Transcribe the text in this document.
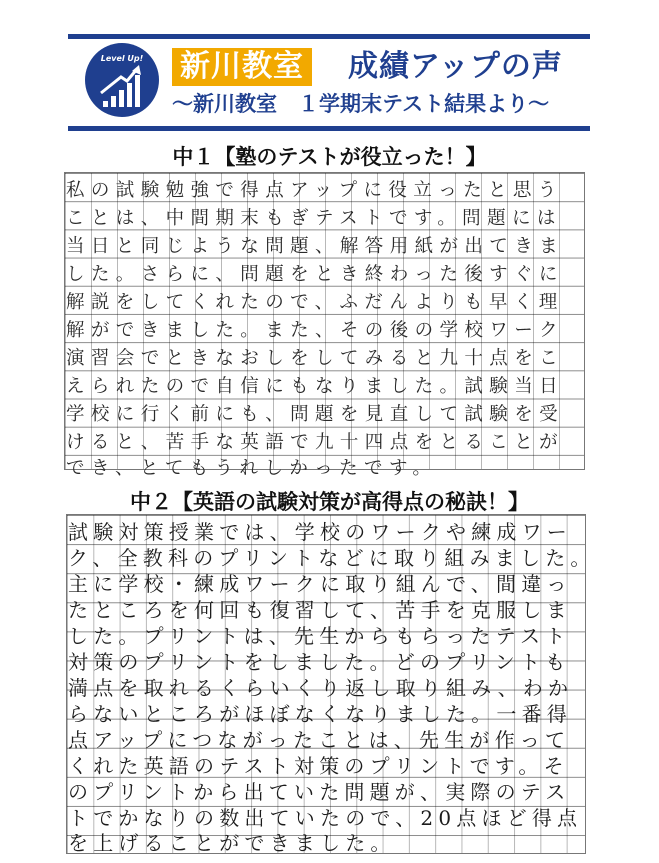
Level Up!	新川教室 成績アップの声
〜新川教室　１学期末テスト結果より〜
中１【塾のテストが役立った！】
私の試験勉強で得点アップに役立ったと思う
ことは、中間期末もぎテストです。問題には
当日と同じような問題、解答用紙が出てきま
した。さらに、問題をとき終わった後すぐに
解説をしてくれたので、ふだんよりも早く理
解ができました。また、その後の学校ワーク
演習会でときなおしをしてみると九十点をこ
えられたので自信にもなりました。試験当日
学校に行く前にも、問題を見直して試験を受
けると、苦手な英語で九十四点をとることが
でき、とてもうれしかったです。
中２【英語の試験対策が高得点の秘訣！】
試験対策授業では、学校のワークや練成ワー
ク、全教科のプリントなどに取り組みました。
主に学校・練成ワークに取り組んで、間違っ
たところを何回も復習して、苦手を克服しま
した。プリントは、先生からもらったテスト
対策のプリントをしました。どのプリントも
満点を取れるくらいくり返し取り組み、わか
らないところがほぼなくなりました。一番得
点アップにつながったことは、先生が作って
くれた英語のテスト対策のプリントです。そ
のプリントから出ていた問題が、実際のテス
トでかなりの数出ていたので、20点ほど得点
を上げることができました。
